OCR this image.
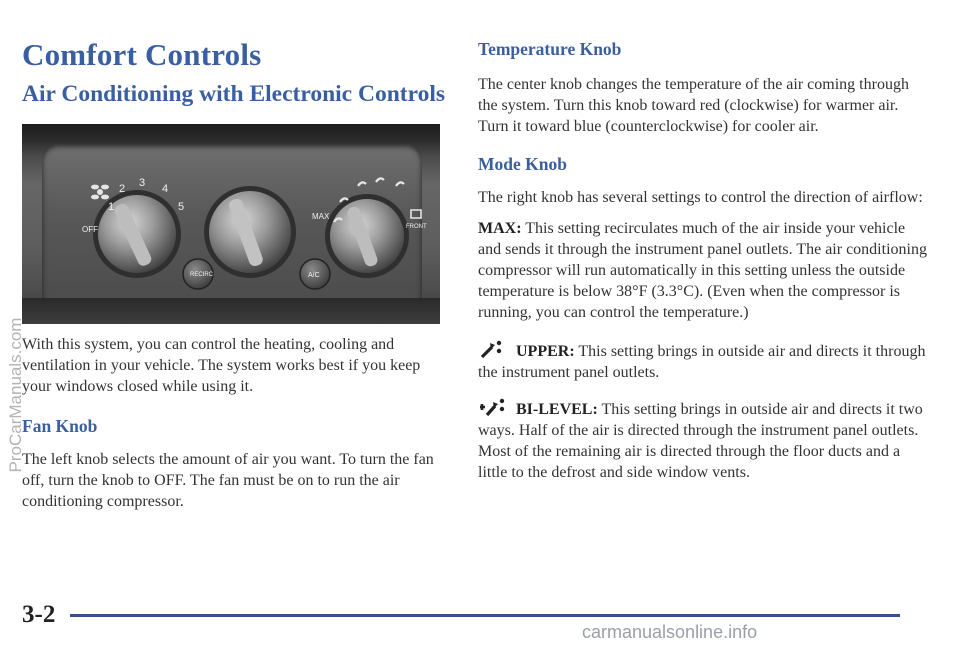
Comfort Controls
Air Conditioning with Electronic Controls
2 3 4
1	5
OFF
MAX
RECIRC	A/C
FRONT

With this system, you can control the heating, cooling and ventilation in your vehicle. The system works best if you keep your windows closed while using it.

Fan Knob

The left knob selects the amount of air you want. To turn the fan off, turn the knob to OFF. The fan must be on to run the air conditioning compressor.

Temperature Knob

The center knob changes the temperature of the air coming through the system. Turn this knob toward red (clockwise) for warmer air. Turn it toward blue (counterclockwise) for cooler air.

Mode Knob

The right knob has several settings to control the direction of airflow:

MAX: This setting recirculates much of the air inside your vehicle and sends it through the instrument panel outlets. The air conditioning compressor will run automatically in this setting unless the outside temperature is below 38°F (3.3°C). (Even when the compressor is running, you can control the temperature.)

UPPER: This setting brings in outside air and directs it through the instrument panel outlets.

BI-LEVEL: This setting brings in outside air and directs it two ways. Half of the air is directed through the instrument panel outlets. Most of the remaining air is directed through the floor ducts and a little to the defrost and side window vents.

ProCarManuals.com
3-2
carmanualsonline.info
